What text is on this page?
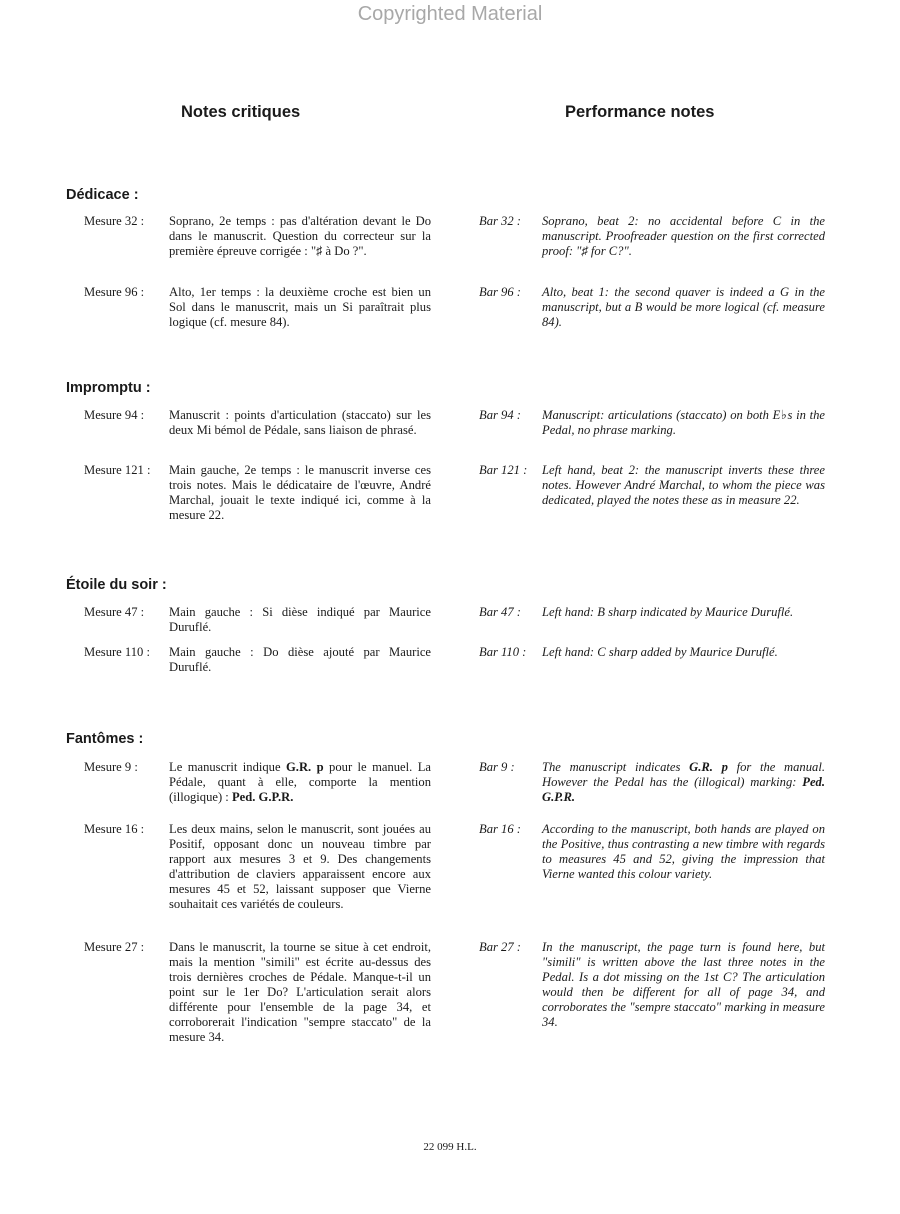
Copyrighted Material
Notes critiques	Performance notes
Dédicace :
Mesure 32 : Soprano, 2e temps : pas d'altération devant le Do dans le manuscrit. Question du correcteur sur la première épreuve corrigée : "♯ à Do ?".
Bar 32 : Soprano, beat 2: no accidental before C in the manuscript. Proofreader question on the first corrected proof: "♯ for C?".
Mesure 96 : Alto, 1er temps : la deuxième croche est bien un Sol dans le manuscrit, mais un Si paraîtrait plus logique (cf. mesure 84).
Bar 96 : Alto, beat 1: the second quaver is indeed a G in the manuscript, but a B would be more logical (cf. measure 84).
Impromptu :
Mesure 94 : Manuscrit : points d'articulation (staccato) sur les deux Mi bémol de Pédale, sans liaison de phrasé.
Bar 94 : Manuscript: articulations (staccato) on both E♭s in the Pedal, no phrase marking.
Mesure 121 : Main gauche, 2e temps : le manuscrit inverse ces trois notes. Mais le dédicataire de l'œuvre, André Marchal, jouait le texte indiqué ici, comme à la mesure 22.
Bar 121 : Left hand, beat 2: the manuscript inverts these three notes. However André Marchal, to whom the piece was dedicated, played the notes these as in measure 22.
Étoile du soir :
Mesure 47 : Main gauche : Si dièse indiqué par Maurice Duruflé.
Bar 47 : Left hand: B sharp indicated by Maurice Duruflé.
Mesure 110 : Main gauche : Do dièse ajouté par Maurice Duruflé.
Bar 110 : Left hand: C sharp added by Maurice Duruflé.
Fantômes :
Mesure 9 : Le manuscrit indique G.R. p pour le manuel. La Pédale, quant à elle, comporte la mention (illogique) : Ped. G.P.R.
Bar 9 : The manuscript indicates G.R. p for the manual. However the Pedal has the (illogical) marking: Ped. G.P.R.
Mesure 16 : Les deux mains, selon le manuscrit, sont jouées au Positif, opposant donc un nouveau timbre par rapport aux mesures 3 et 9. Des changements d'attribution de claviers apparaissent encore aux mesures 45 et 52, laissant supposer que Vierne souhaitait ces variétés de couleurs.
Bar 16 : According to the manuscript, both hands are played on the Positive, thus contrasting a new timbre with regards to measures 45 and 52, giving the impression that Vierne wanted this colour variety.
Mesure 27 : Dans le manuscrit, la tourne se situe à cet endroit, mais la mention "simili" est écrite au-dessus des trois dernières croches de Pédale. Manque-t-il un point sur le 1er Do? L'articulation serait alors différente pour l'ensemble de la page 34, et corroborerait l'indication "sempre staccato" de la mesure 34.
Bar 27 : In the manuscript, the page turn is found here, but "simili" is written above the last three notes in the Pedal. Is a dot missing on the 1st C? The articulation would then be different for all of page 34, and corroborates the "sempre staccato" marking in measure 34.
22 099 H.L.
